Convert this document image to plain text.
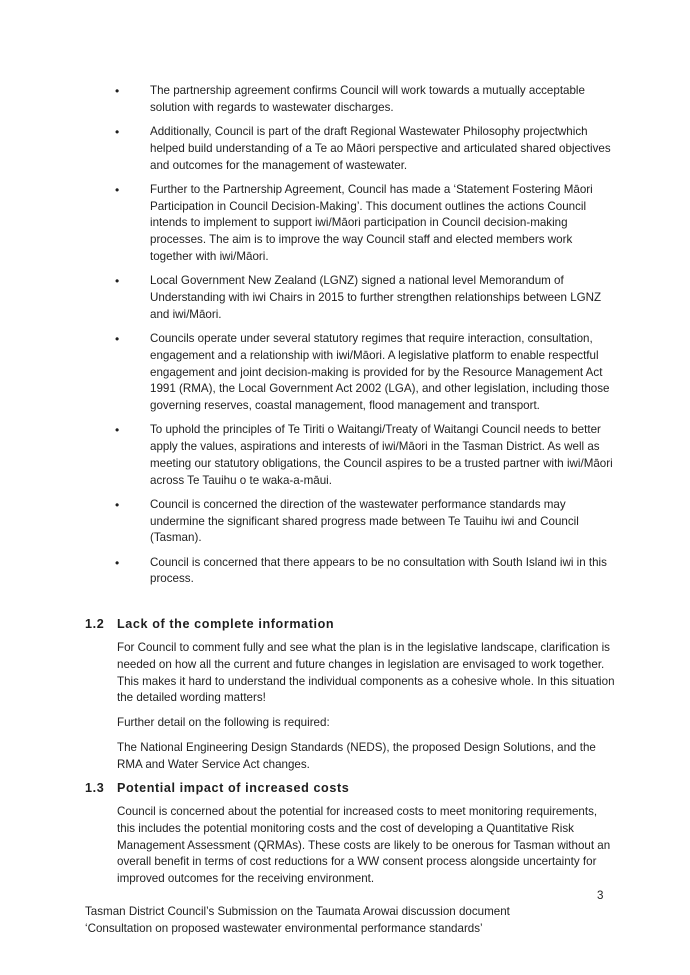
•	The partnership agreement confirms Council will work towards a mutually acceptable solution with regards to wastewater discharges.
•	Additionally, Council is part of the draft Regional Wastewater Philosophy projectwhich helped build understanding of a Te ao Māori perspective and articulated shared objectives and outcomes for the management of wastewater.
•	Further to the Partnership Agreement, Council has made a ‘Statement Fostering Māori Participation in Council Decision-Making’. This document outlines the actions Council intends to implement to support iwi/Māori participation in Council decision-making processes. The aim is to improve the way Council staff and elected members work together with iwi/Māori.
•	Local Government New Zealand (LGNZ) signed a national level Memorandum of Understanding with iwi Chairs in 2015 to further strengthen relationships between LGNZ and iwi/Māori.
•	Councils operate under several statutory regimes that require interaction, consultation, engagement and a relationship with iwi/Māori. A legislative platform to enable respectful engagement and joint decision-making is provided for by the Resource Management Act 1991 (RMA), the Local Government Act 2002 (LGA), and other legislation, including those governing reserves, coastal management, flood management and transport.
•	To uphold the principles of Te Tiriti o Waitangi/Treaty of Waitangi Council needs to better apply the values, aspirations and interests of iwi/Māori in the Tasman District. As well as meeting our statutory obligations, the Council aspires to be a trusted partner with iwi/Māori across Te Tauihu o te waka-a-māui.
•	Council is concerned the direction of the wastewater performance standards may undermine the significant shared progress made between Te Tauihu iwi and Council (Tasman).
•	Council is concerned that there appears to be no consultation with South Island iwi in this process.
1.2	Lack of the complete information

For Council to comment fully and see what the plan is in the legislative landscape, clarification is needed on how all the current and future changes in legislation are envisaged to work together. This makes it hard to understand the individual components as a cohesive whole. In this situation the detailed wording matters!

Further detail on the following is required:

The National Engineering Design Standards (NEDS), the proposed Design Solutions, and the RMA and Water Service Act changes.

1.3	Potential impact of increased costs

Council is concerned about the potential for increased costs to meet monitoring requirements, this includes the potential monitoring costs and the cost of developing a Quantitative Risk Management Assessment (QRMAs). These costs are likely to be onerous for Tasman without an overall benefit in terms of cost reductions for a WW consent process alongside uncertainty for improved outcomes for the receiving environment.

3
Tasman District Council’s Submission on the Taumata Arowai discussion document
‘Consultation on proposed wastewater environmental performance standards’
